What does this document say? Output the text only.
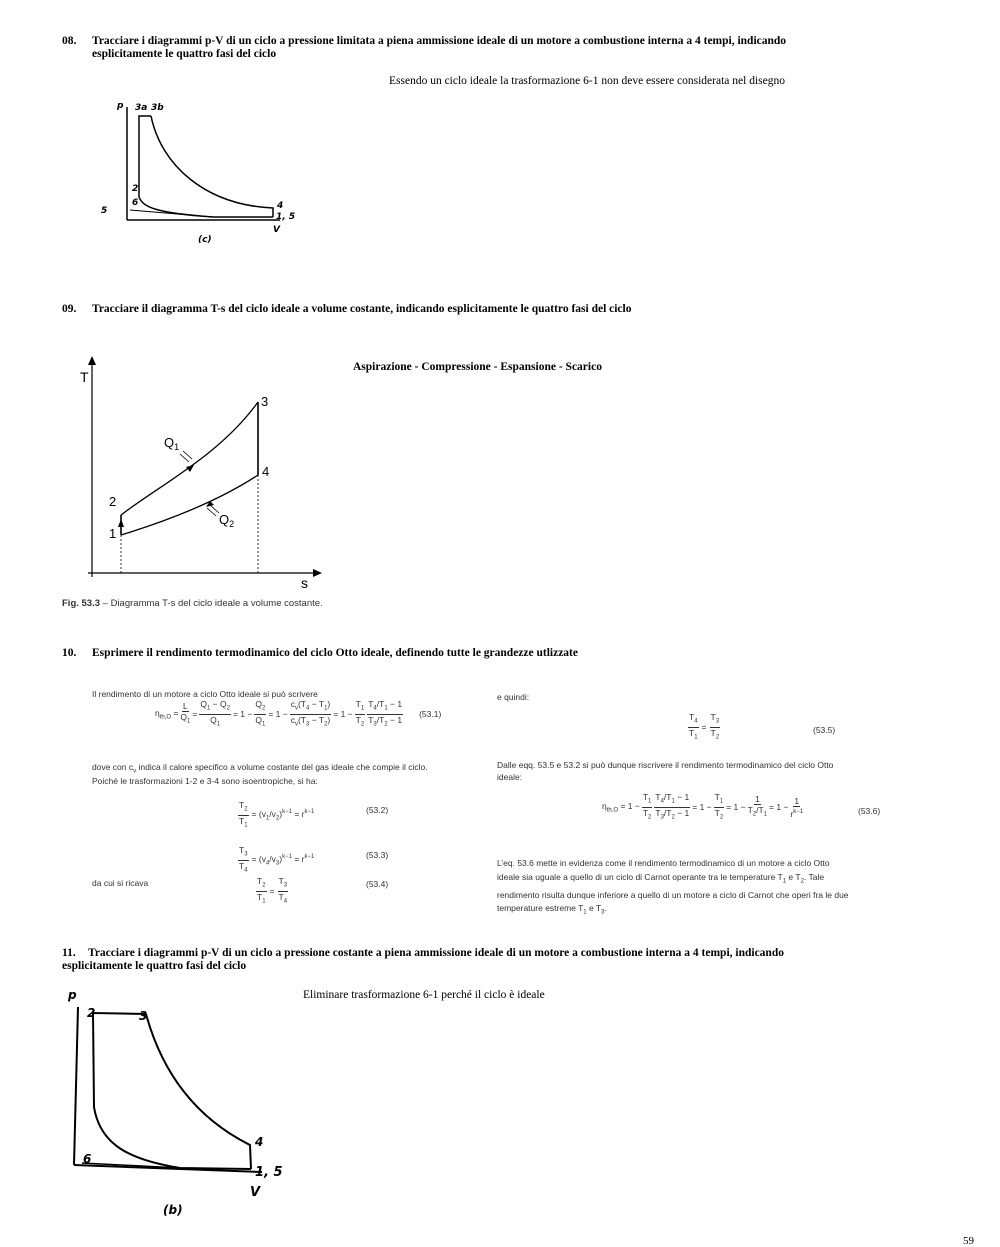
08. Tracciare i diagrammi p-V di un ciclo a pressione limitata a piena ammissione ideale di un motore a combustione interna a 4 tempi, indicando
esplicitamente le quattro fasi del ciclo
Essendo un ciclo ideale la trasformazione 6-1 non deve essere considerata nel disegno
p 3a 3b
2
6	4
1, 5
V
(c)
5
09. Tracciare il diagramma T-s del ciclo ideale a volume costante, indicando esplicitamente le quattro fasi del ciclo
Aspirazione - Compressione - Espansione - Scarico
T
s
1
2
3
4
$Q_1$
$Q_2$
Fig. 53.3 – Diagramma T-s del ciclo ideale a volume costante.
10. Esprimere il rendimento termodinamico del ciclo Otto ideale, definendo tutte le grandezze utlizzate
Il rendimento di un motore a ciclo Otto ideale si può scrivere
$\eta_{th,O} = \frac{L}{Q_1} = \frac{Q_1 - Q_2}{Q_1} = 1 - \frac{Q_2}{Q_1} = 1 - \frac{c_v(T_4 - T_1)}{c_v(T_3 - T_2)} = 1 - \frac{T_1}{T_2} \frac{T_4/T_1 - 1}{T_3/T_2 - 1} (53.1)$
dove con $c_v$ indica il calore specifico a volume costante del gas ideale che compie il ciclo.
Poiché le trasformazioni 1-2 e 3-4 sono isoentropiche, si ha:
$\frac{T_2}{T_1} = (v_1/v_2)^{k-1} = r^{k-1}$	(53.2)
$\frac{T_3}{T_4} = (v_4/v_3)^{k-1} = r^{k-1}$	(53.3)
da cui si ricava	$\frac{T_2}{T_1} = \frac{T_3}{T_4}$	(53.4)
e quindi:
$\frac{T_4}{T_1} = \frac{T_3}{T_2}$	(53.5)
Dalle eqq. 53.5 e 53.2 si può dunque riscrivere il rendimento termodinamico del ciclo Otto
ideale:
$\eta_{th,O} = 1 - \frac{T_1}{T_2} \frac{T_4/T_1 - 1}{T_3/T_2 - 1} = 1 - \frac{T_1}{T_2} = 1 - \frac{1}{T_2/T_1} = 1 - \frac{1}{r^{k-1}}$	(53.6)
L’eq. 53.6 mette in evidenza come il rendimento termodinamico di un motore a ciclo Otto
ideale sia uguale a quello di un ciclo di Carnot operante tra le temperature $T_1$ e $T_2$. Tale
rendimento risulta dunque inferiore a quello di un motore a ciclo di Carnot che operi fra le due
temperature estreme $T_1$ e $T_3$.
11. Tracciare i diagrammi p-V di un ciclo a pressione costante a piena ammissione ideale di un motore a combustione interna a 4 tempi, indicando
esplicitamente le quattro fasi del ciclo
Eliminare trasformazione 6-1 perché il ciclo è ideale
p
2	3
4
6
1, 5
V
(b)
59
